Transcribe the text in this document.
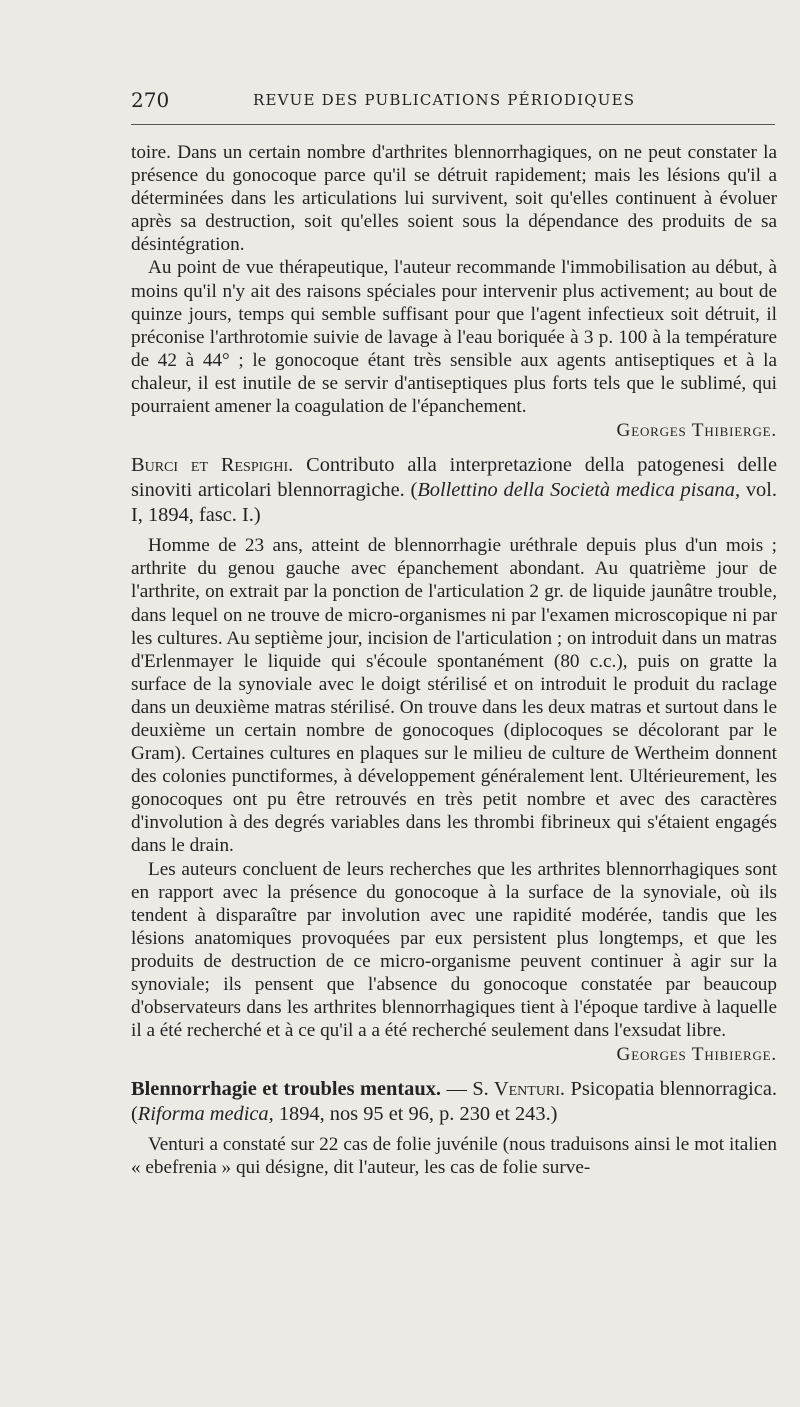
270	REVUE DES PUBLICATIONS PÉRIODIQUES

toire. Dans un certain nombre d'arthrites blennorrhagiques, on ne peut constater la présence du gonocoque parce qu'il se détruit rapidement; mais les lésions qu'il a déterminées dans les articulations lui survivent, soit qu'elles continuent à évoluer après sa destruction, soit qu'elles soient sous la dépendance des produits de sa désintégration.

Au point de vue thérapeutique, l'auteur recommande l'immobilisation au début, à moins qu'il n'y ait des raisons spéciales pour intervenir plus activement; au bout de quinze jours, temps qui semble suffisant pour que l'agent infectieux soit détruit, il préconise l'arthrotomie suivie de lavage à l'eau boriquée à 3 p. 100 à la température de 42 à 44° ; le gonocoque étant très sensible aux agents antiseptiques et à la chaleur, il est inutile de se servir d'antiseptiques plus forts tels que le sublimé, qui pourraient amener la coagulation de l'épanchement.

Georges Thibierge.

Burci et Respighi. Contributo alla interpretazione della patogenesi delle sinoviti articolari blennorragiche. (Bollettino della Società medica pisana, vol. I, 1894, fasc. I.)

Homme de 23 ans, atteint de blennorrhagie uréthrale depuis plus d'un mois ; arthrite du genou gauche avec épanchement abondant. Au quatrième jour de l'arthrite, on extrait par la ponction de l'articulation 2 gr. de liquide jaunâtre trouble, dans lequel on ne trouve de micro-organismes ni par l'examen microscopique ni par les cultures. Au septième jour, incision de l'articulation ; on introduit dans un matras d'Erlenmayer le liquide qui s'écoule spontanément (80 c.c.), puis on gratte la surface de la synoviale avec le doigt stérilisé et on introduit le produit du raclage dans un deuxième matras stérilisé. On trouve dans les deux matras et surtout dans le deuxième un certain nombre de gonocoques (diplocoques se décolorant par le Gram). Certaines cultures en plaques sur le milieu de culture de Wertheim donnent des colonies punctiformes, à développement généralement lent. Ultérieurement, les gonocoques ont pu être retrouvés en très petit nombre et avec des caractères d'involution à des degrés variables dans les thrombi fibrineux qui s'étaient engagés dans le drain.

Les auteurs concluent de leurs recherches que les arthrites blennorrhagiques sont en rapport avec la présence du gonocoque à la surface de la synoviale, où ils tendent à disparaître par involution avec une rapidité modérée, tandis que les lésions anatomiques provoquées par eux persistent plus longtemps, et que les produits de destruction de ce micro-organisme peuvent continuer à agir sur la synoviale; ils pensent que l'absence du gonocoque constatée par beaucoup d'observateurs dans les arthrites blennorrhagiques tient à l'époque tardive à laquelle il a été recherché et à ce qu'il a a été recherché seulement dans l'exsudat libre.

Georges Thibierge.

Blennorrhagie et troubles mentaux. — S. Venturi. Psicopatia blennorragica. (Riforma medica, 1894, nos 95 et 96, p. 230 et 243.)

Venturi a constaté sur 22 cas de folie juvénile (nous traduisons ainsi le mot italien « ebefrenia » qui désigne, dit l'auteur, les cas de folie surve-
